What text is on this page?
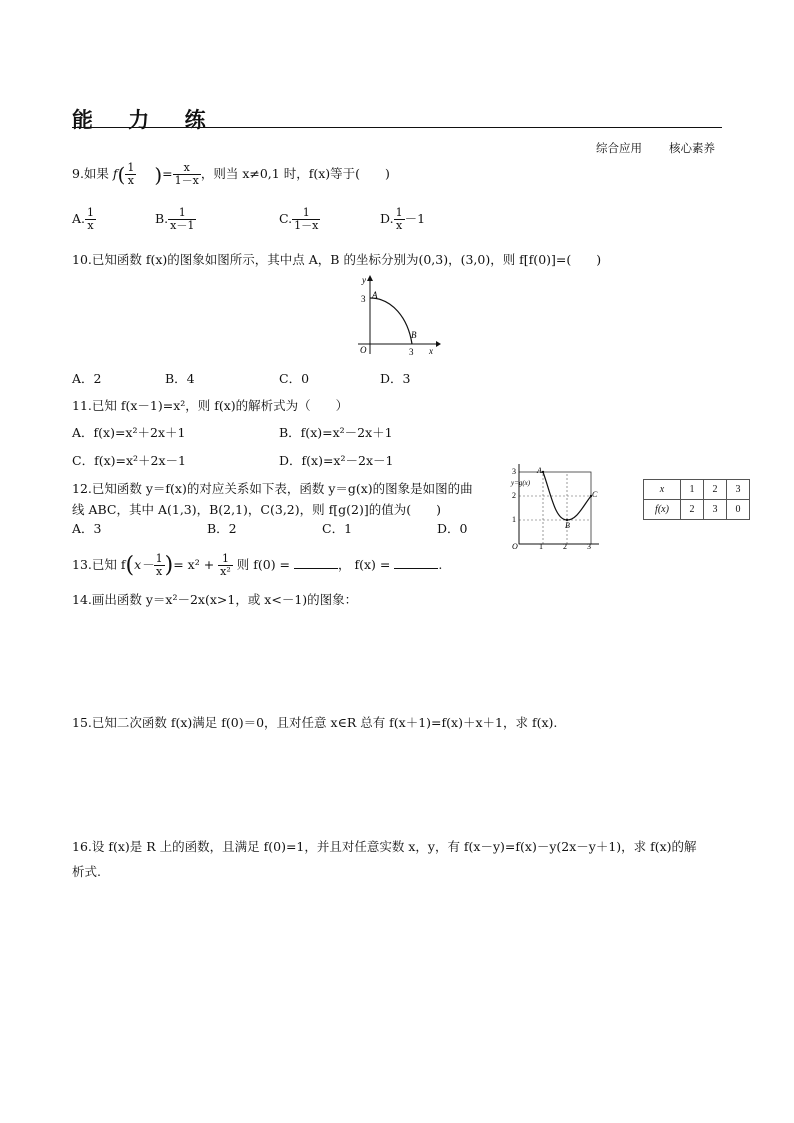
能 力 练
综合应用 核心素养
9.如果 $f( \frac{1}{x}$ )= $\frac{x}{1-x}$ ，则当 x≠0,1 时，f(x)等于(　　)
A. $\frac{1}{x}$	B. $\frac{1}{x-1}$	C. $\frac{1}{1-x}$	D. $\frac{1}{x} -1$
10.已知函数 f(x)的图象如图所示，其中点 A，B 的坐标分别为(0,3)，(3,0)，则 f[f(0)]=(　　)
y
x
O
3
3
A
B
A．2	B．4	C．0	D．3
11.已知 f(x－1)=x²，则 f(x)的解析式为（　　）
A．f(x)=x²＋2x＋1	B．f(x)=x²－2x＋1
C．f(x)=x²＋2x－1	D．f(x)=x²－2x－1
12.已知函数 y＝f(x)的对应关系如下表，函数 y＝g(x)的图象是如图的曲
线 ABC，其中 A(1,3)，B(2,1)，C(3,2)，则 f[g(2)]的值为(　　)
A．3	B．2	C．1	D．0
y=g(x)
O	1	2	3
1
2
3	A
B
C	x	1	2	3
f(x)	2	3	0
13.已知 $f(x- \frac{1}{x}$ )= $x^2 + \frac{1}{\text{x²}}$ 则 f(0) =	， f(x) =	.
14.画出函数 y＝x²－2x(x>1，或 x<－1)的图象：
15.已知二次函数 f(x)满足 f(0)＝0，且对任意 x∈R 总有 f(x＋1)=f(x)＋x＋1，求 f(x).
16.设 f(x)是 R 上的函数，且满足 f(0)=1，并且对任意实数 x，y，有 f(x－y)=f(x)－y(2x－y＋1)，求 f(x)的解
析式.
